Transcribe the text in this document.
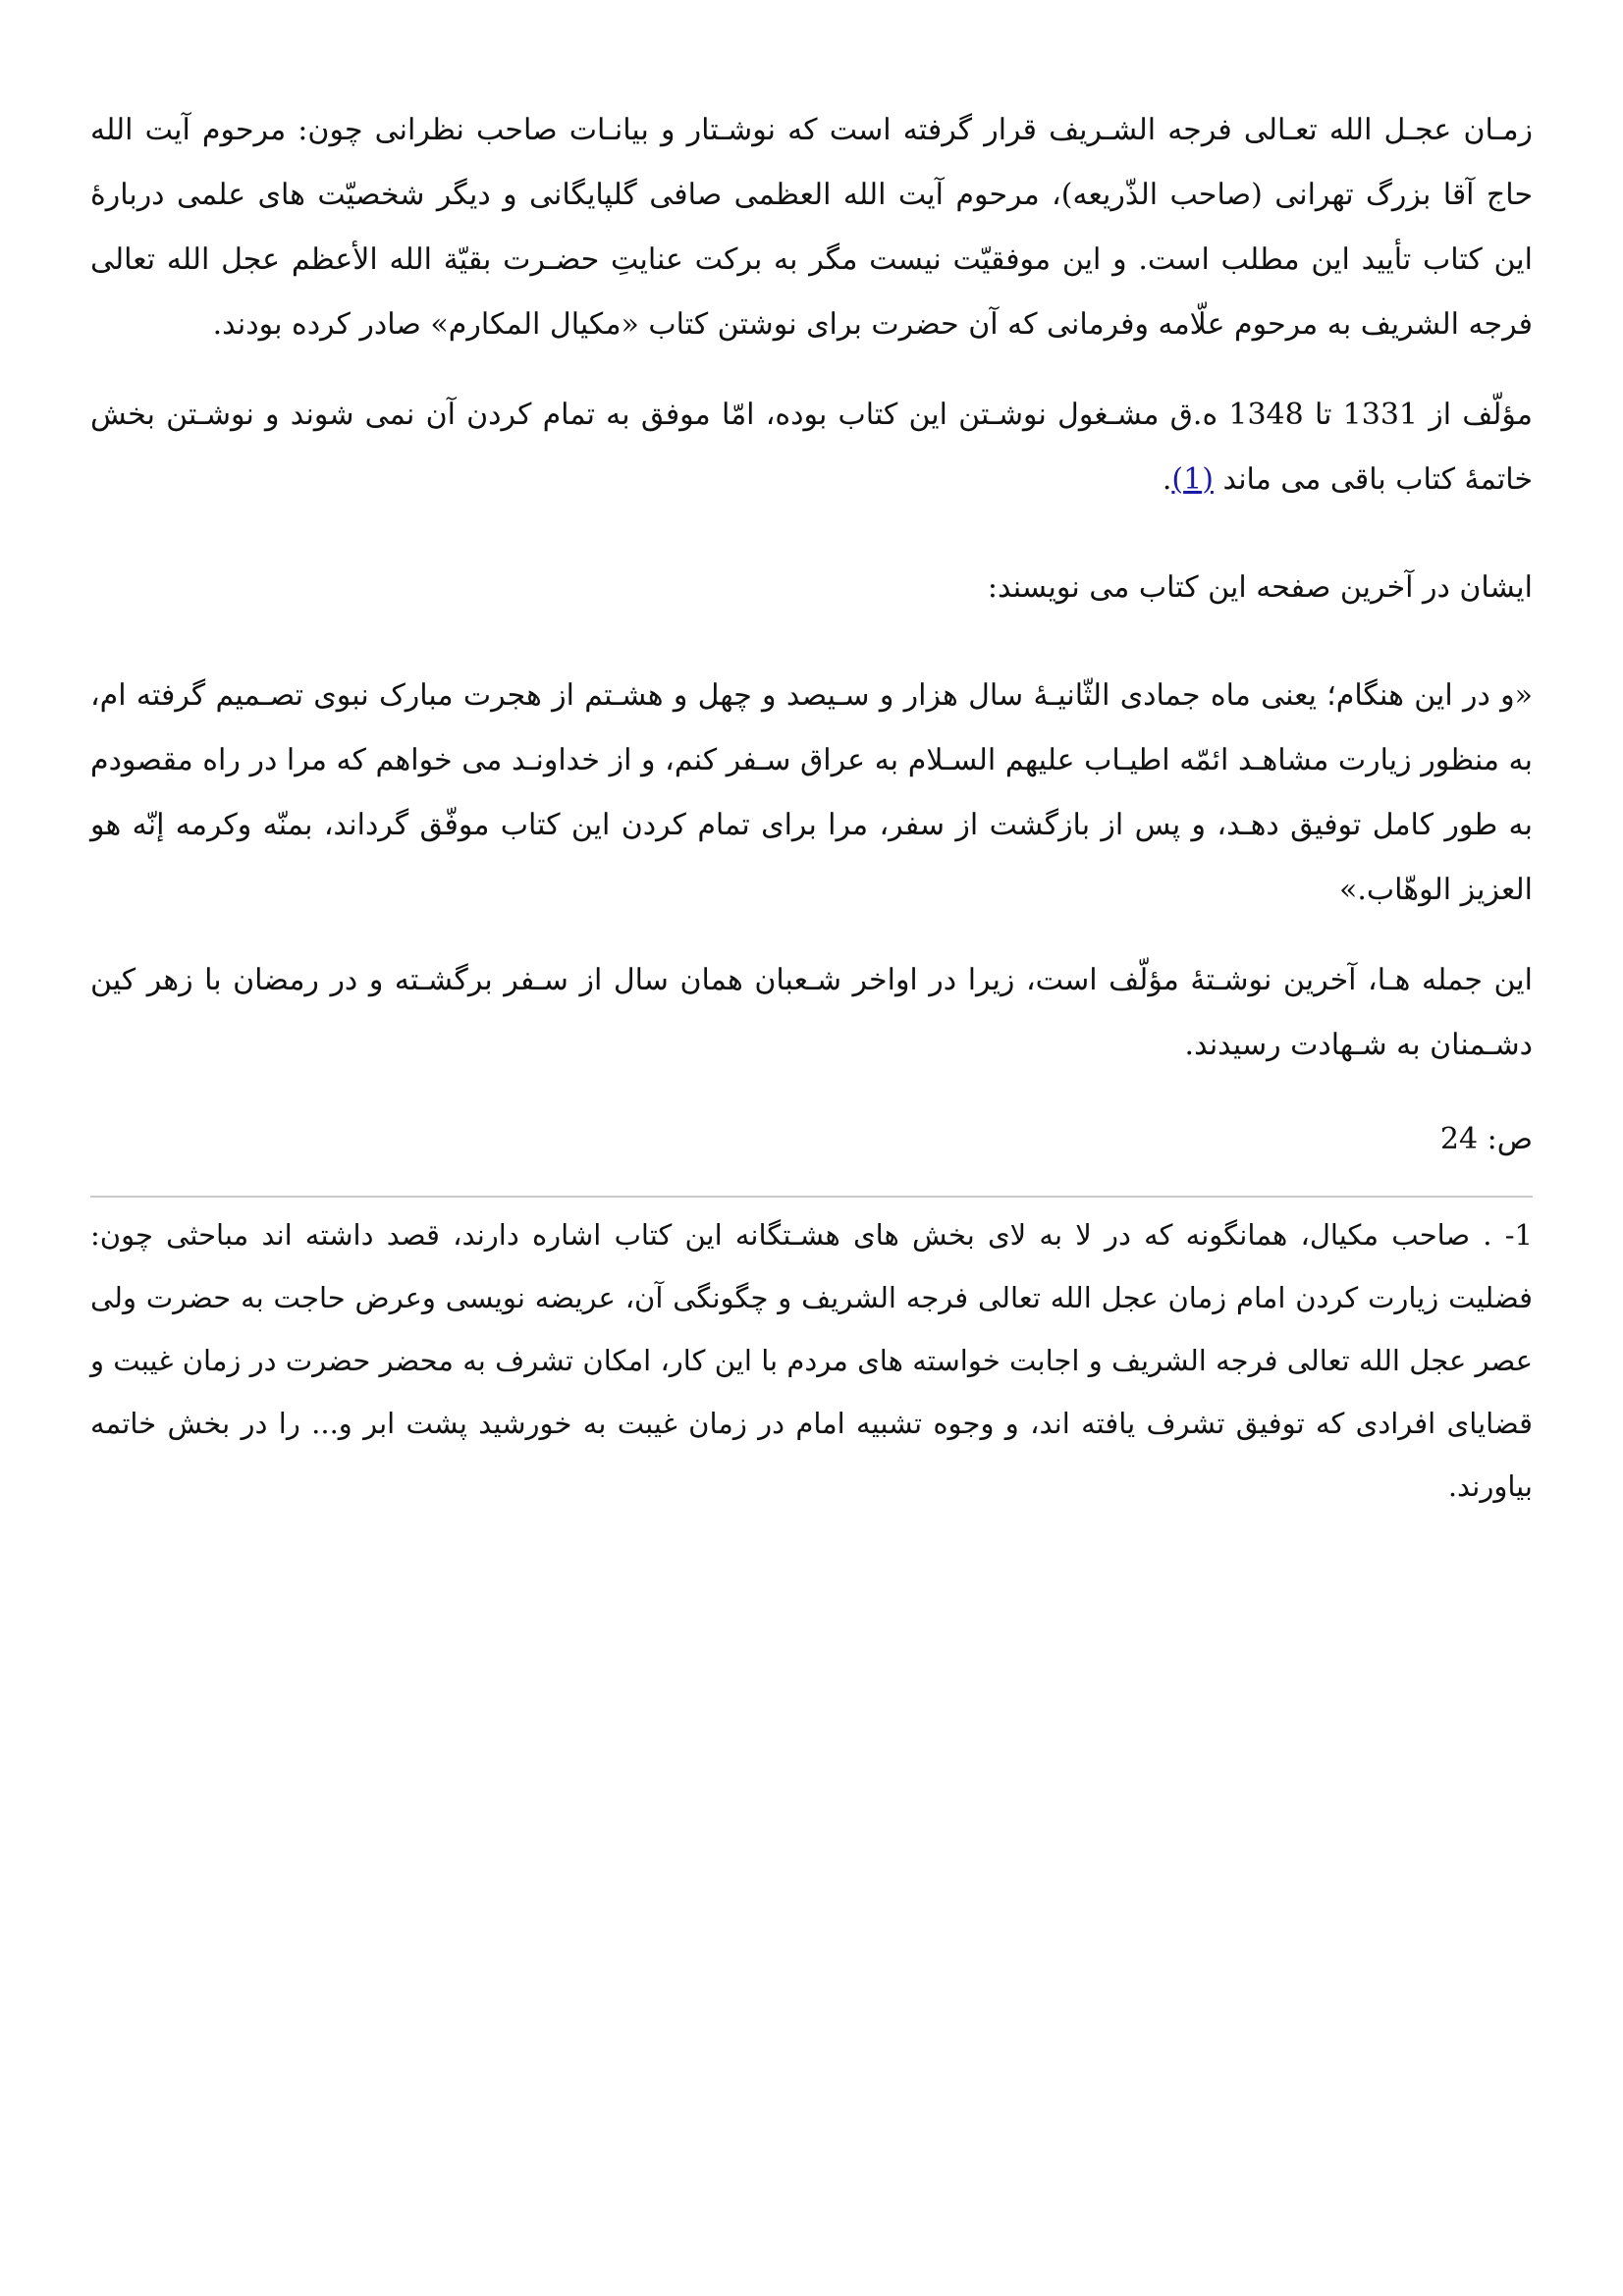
زمـان عجـل الله تعـالی فرجه الشـریف قرار گرفته است که نوشـتار و بیانـات صاحب نظرانی چون: مرحوم آیت الله حاج آقا بزرگ تهرانی (صاحب الذّریعه)، مرحوم آیت الله العظمی صافی گلپایگانی و دیگر شخصیّت های علمی دربارۀ این کتاب تأیید این مطلب است. و این موفقیّت نیست مگر به برکت عنایتِ حضـرت بقیّة الله الأعظم عجل الله تعالی فرجه الشریف به مرحوم علّامه وفرمانی که آن حضرت برای نوشتن کتاب «مکیال المکارم» صادر کرده بودند.

مؤلّف از 1331 تا 1348 ه.ق مشـغول نوشـتن این کتاب بوده، امّا موفق به تمام کردن آن نمی شوند و نوشـتن بخش خاتمۀ کتاب باقی می ماند (1).

ایشان در آخرین صفحه این کتاب می نویسند:

«و در این هنگام؛ یعنی ماه جمادی الثّانیـۀ سال هزار و سـیصد و چهل و هشـتم از هجرت مبارک نبوی تصـمیم گرفته ام، به منظور زیارت مشاهـد ائمّه اطیـاب علیهم السـلام به عراق سـفر کنم، و از خداونـد می خواهم که مرا در راه مقصودم به طور کامل توفیق دهـد، و پس از بازگشت از سفر، مرا برای تمام کردن این کتاب موفّق گرداند، بمنّه وکرمه إنّه هو العزیز الوهّاب.»

این جمله هـا، آخرین نوشـتۀ مؤلّف است، زیرا در اواخر شـعبان همان سال از سـفر برگشـته و در رمضان با زهر کین دشـمنان به شـهادت رسیدند.

ص: 24

1- . صاحب مکیال، همانگونه که در لا به لای بخش های هشـتگانه این کتاب اشاره دارند، قصد داشته اند مباحثی چون: فضلیت زیارت کردن امام زمان عجل الله تعالی فرجه الشریف و چگونگی آن، عریضه نویسی وعرض حاجت به حضرت ولی عصر عجل الله تعالی فرجه الشریف و اجابت خواسته های مردم با این کار، امکان تشرف به محضر حضرت در زمان غیبت و قضایای افرادی که توفیق تشرف یافته اند، و وجوه تشبیه امام در زمان غیبت به خورشید پشت ابر و... را در بخش خاتمه بیاورند.
